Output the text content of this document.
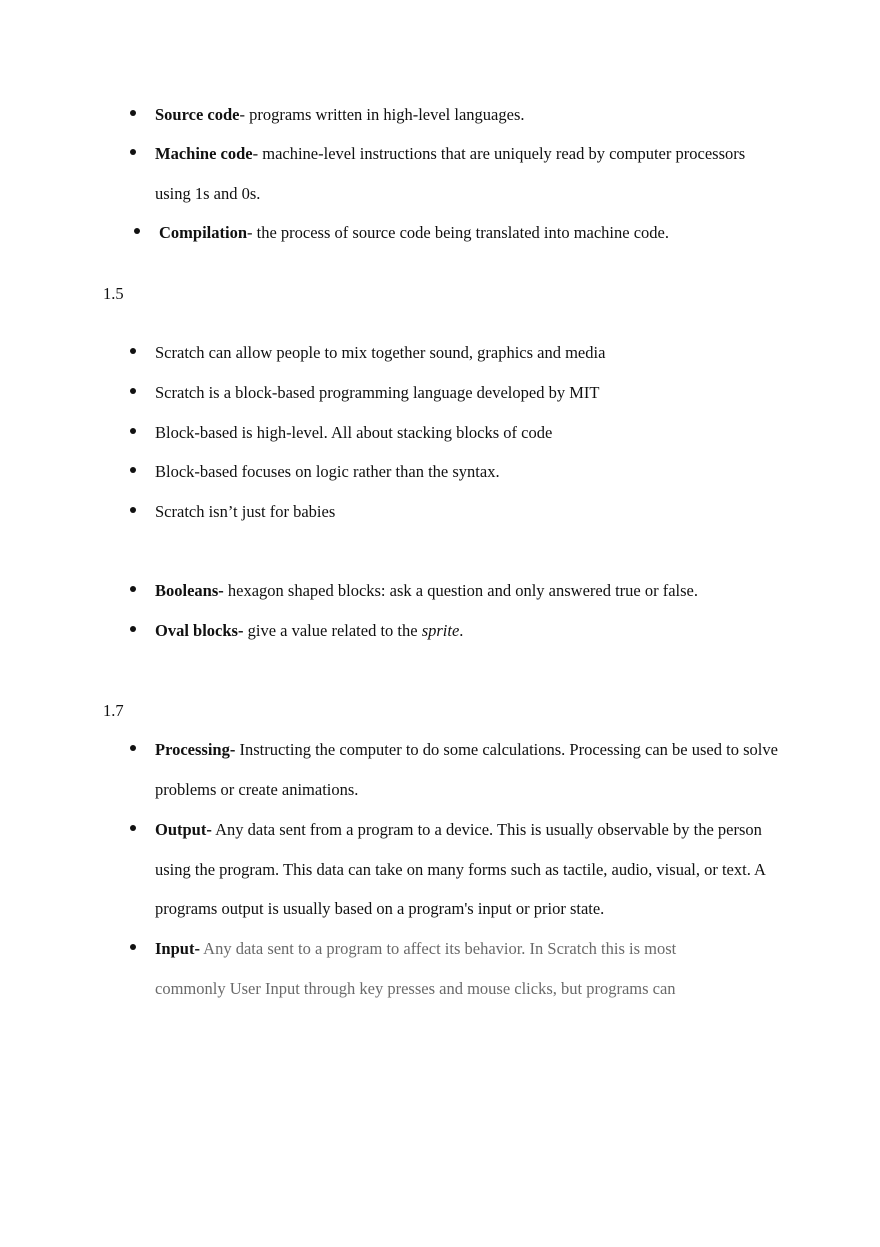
Source code- programs written in high-level languages.
Machine code- machine-level instructions that are uniquely read by computer processors using 1s and 0s.
Compilation- the process of source code being translated into machine code.
1.5
Scratch can allow people to mix together sound, graphics and media
Scratch is a block-based programming language developed by MIT
Block-based is high-level. All about stacking blocks of code
Block-based focuses on logic rather than the syntax.
Scratch isn’t just for babies
Booleans- hexagon shaped blocks: ask a question and only answered true or false.
Oval blocks- give a value related to the sprite.
1.7
Processing- Instructing the computer to do some calculations. Processing can be used to solve problems or create animations.
Output- Any data sent from a program to a device. This is usually observable by the person using the program. This data can take on many forms such as tactile, audio, visual, or text. A programs output is usually based on a program's input or prior state.
Input- Any data sent to a program to affect its behavior. In Scratch this is most commonly User Input through key presses and mouse clicks, but programs can
